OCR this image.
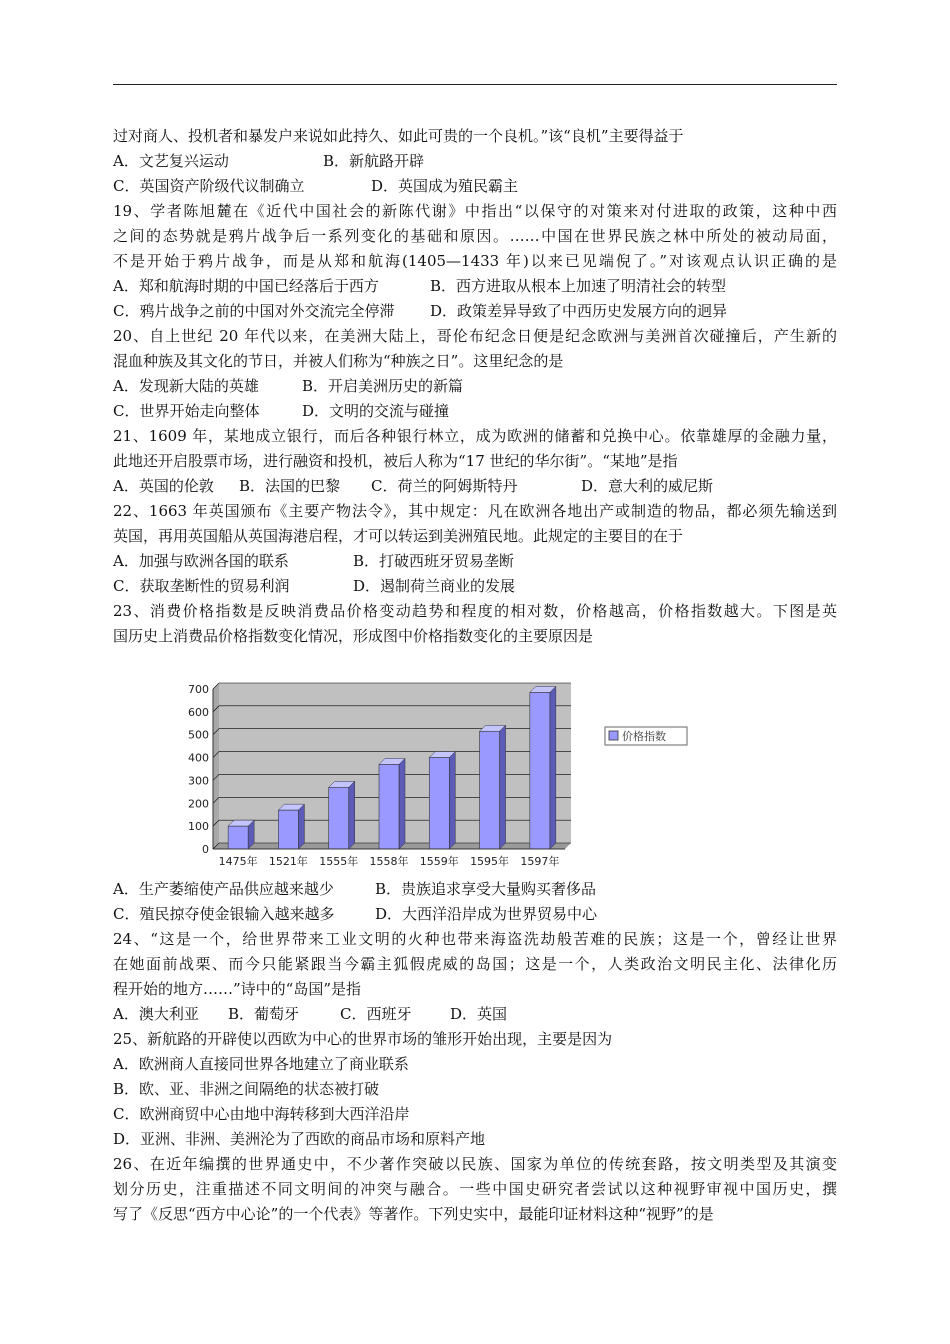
过对商人、投机者和暴发户来说如此持久、如此可贵的一个良机。”该“良机”主要得益于
A．文艺复兴运动	B．新航路开辟
C．英国资产阶级代议制确立	D．英国成为殖民霸主
19、学者陈旭麓在《近代中国社会的新陈代谢》中指出“以保守的对策来对付进取的政策，这种中西
之间的态势就是鸦片战争后一系列变化的基础和原因。……中国在世界民族之林中所处的被动局面，
不是开始于鸦片战争，而是从郑和航海(1405—1433 年)以来已见端倪了。”对该观点认识正确的是
A．郑和航海时期的中国已经落后于西方	B．西方进取从根本上加速了明清社会的转型
C．鸦片战争之前的中国对外交流完全停滞	D．政策差异导致了中西历史发展方向的迥异
20、自上世纪 20 年代以来，在美洲大陆上，哥伦布纪念日便是纪念欧洲与美洲首次碰撞后，产生新的
混血种族及其文化的节日，并被人们称为“种族之日”。这里纪念的是
A．发现新大陆的英雄	B．开启美洲历史的新篇
C．世界开始走向整体	D．文明的交流与碰撞
21、1609 年，某地成立银行，而后各种银行林立，成为欧洲的储蓄和兑换中心。依靠雄厚的金融力量，
此地还开启股票市场，进行融资和投机，被后人称为“17 世纪的华尔街”。“某地”是指
A．英国的伦敦	B．法国的巴黎	C．荷兰的阿姆斯特丹	D．意大利的威尼斯
22、1663 年英国颁布《主要产物法令》，其中规定：凡在欧洲各地出产或制造的物品，都必须先输送到
英国，再用英国船从英国海港启程，才可以转运到美洲殖民地。此规定的主要目的在于
A．加强与欧洲各国的联系	B．打破西班牙贸易垄断
C．获取垄断性的贸易利润	D．遏制荷兰商业的发展
23、消费价格指数是反映消费品价格变动趋势和程度的相对数，价格越高，价格指数越大。下图是英
国历史上消费品价格指数变化情况，形成图中价格指数变化的主要原因是
0
100
200
300
400
500
600
700
1475年 1521年 1555年 1558年 1559年 1595年 1597年
价格指数
A．生产萎缩使产品供应越来越少	B．贵族追求享受大量购买奢侈品
C．殖民掠夺使金银输入越来越多	D．大西洋沿岸成为世界贸易中心
24、“这是一个，给世界带来工业文明的火种也带来海盗洗劫般苦难的民族；这是一个，曾经让世界
在她面前战栗、而今只能紧跟当今霸主狐假虎威的岛国；这是一个，人类政治文明民主化、法律化历
程开始的地方……”诗中的“岛国”是指
A．澳大利亚	B．葡萄牙	C．西班牙	D．英国
25、新航路的开辟使以西欧为中心的世界市场的雏形开始出现，主要是因为
A．欧洲商人直接同世界各地建立了商业联系
B．欧、亚、非洲之间隔绝的状态被打破
C．欧洲商贸中心由地中海转移到大西洋沿岸
D．亚洲、非洲、美洲沦为了西欧的商品市场和原料产地
26、在近年编撰的世界通史中，不少著作突破以民族、国家为单位的传统套路，按文明类型及其演变
划分历史，注重描述不同文明间的冲突与融合。一些中国史研究者尝试以这种视野审视中国历史，撰
写了《反思“西方中心论”的一个代表》等著作。下列史实中，最能印证材料这种“视野”的是
